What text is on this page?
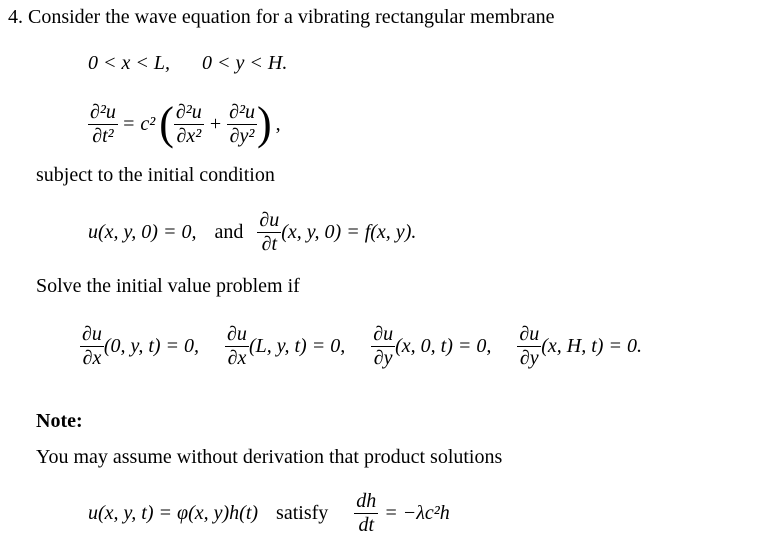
4. Consider the wave equation for a vibrating rectangular membrane
0 < x < L, 0 < y < H.
$\frac{\text{∂²u}}{\text{∂t²}} = c^2$ ( $\frac{\text{∂²u}}{\text{∂x²}} + \frac{\text{∂²u}}{\text{∂y²}}$ ) ,
subject to the initial condition
u(x, y, 0) = 0, and $\frac{\partial u}{\partial t} (x$, y, 0) = f(x, y).
Solve the initial value problem if
$\frac{\partial u}{\partial x} (0$, y, t) = 0, $\frac{\partial u}{\partial x} (L$, y, t) = 0, $\frac{\partial u}{\partial y} (x$, 0, t) = 0, $\frac{\partial u}{\partial y} (x$, H, t) = 0.
Note:
You may assume without derivation that product solutions
u(x, y, t) = φ(x, y)h(t) satisfy $\frac{dh}{dt} = -\lambda c^2h$
